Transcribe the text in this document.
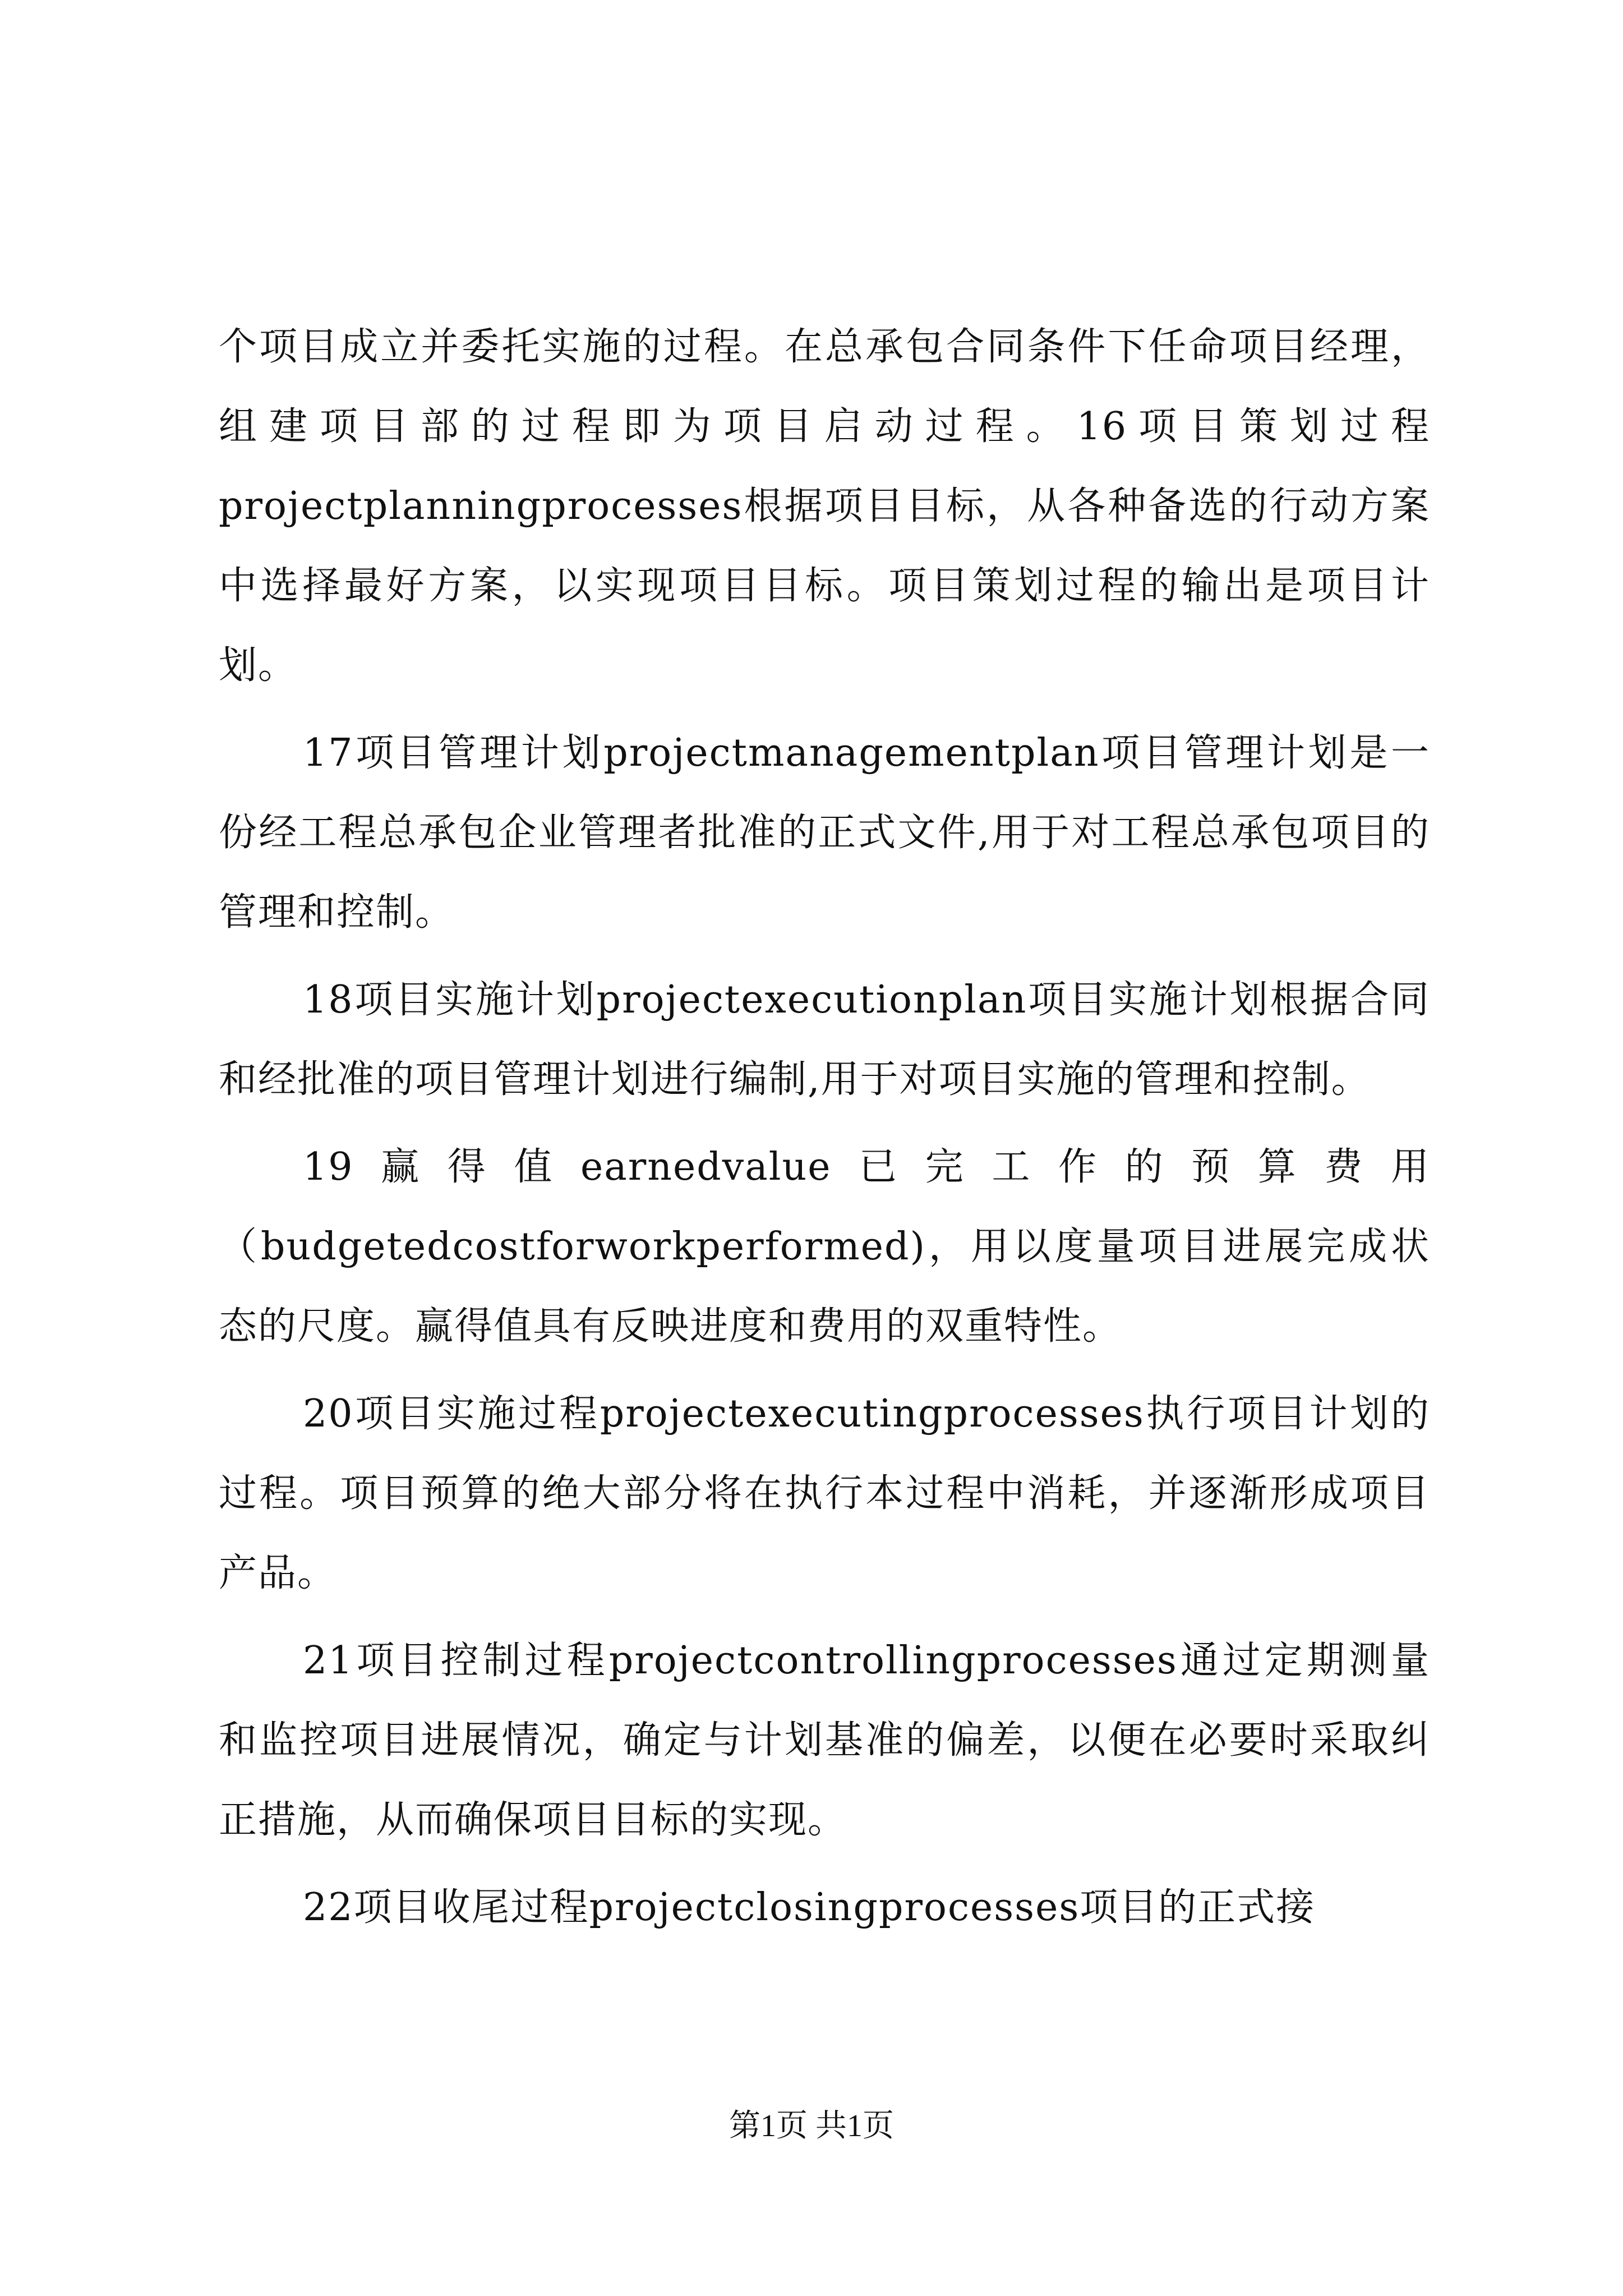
个项目成立并委托实施的过程。在总承包合同条件下任命项目经理，组建项目部的过程即为项目启动过程。16项目策划过程projectplanningprocesses根据项目目标，从各种备选的行动方案中选择最好方案，以实现项目目标。项目策划过程的输出是项目计划。

17项目管理计划projectmanagementplan项目管理计划是一份经工程总承包企业管理者批准的正式文件,用于对工程总承包项目的管理和控制。

18项目实施计划projectexecutionplan项目实施计划根据合同和经批准的项目管理计划进行编制,用于对项目实施的管理和控制。

19赢得值earnedvalue已完工作的预算费用（budgetedcostforworkperformed)，用以度量项目进展完成状态的尺度。赢得值具有反映进度和费用的双重特性。

20项目实施过程projectexecutingprocesses执行项目计划的过程。项目预算的绝大部分将在执行本过程中消耗，并逐渐形成项目产品。

21项目控制过程projectcontrollingprocesses通过定期测量和监控项目进展情况，确定与计划基准的偏差，以便在必要时采取纠正措施，从而确保项目目标的实现。

22项目收尾过程projectclosingprocesses项目的正式接

第1页 共1页
